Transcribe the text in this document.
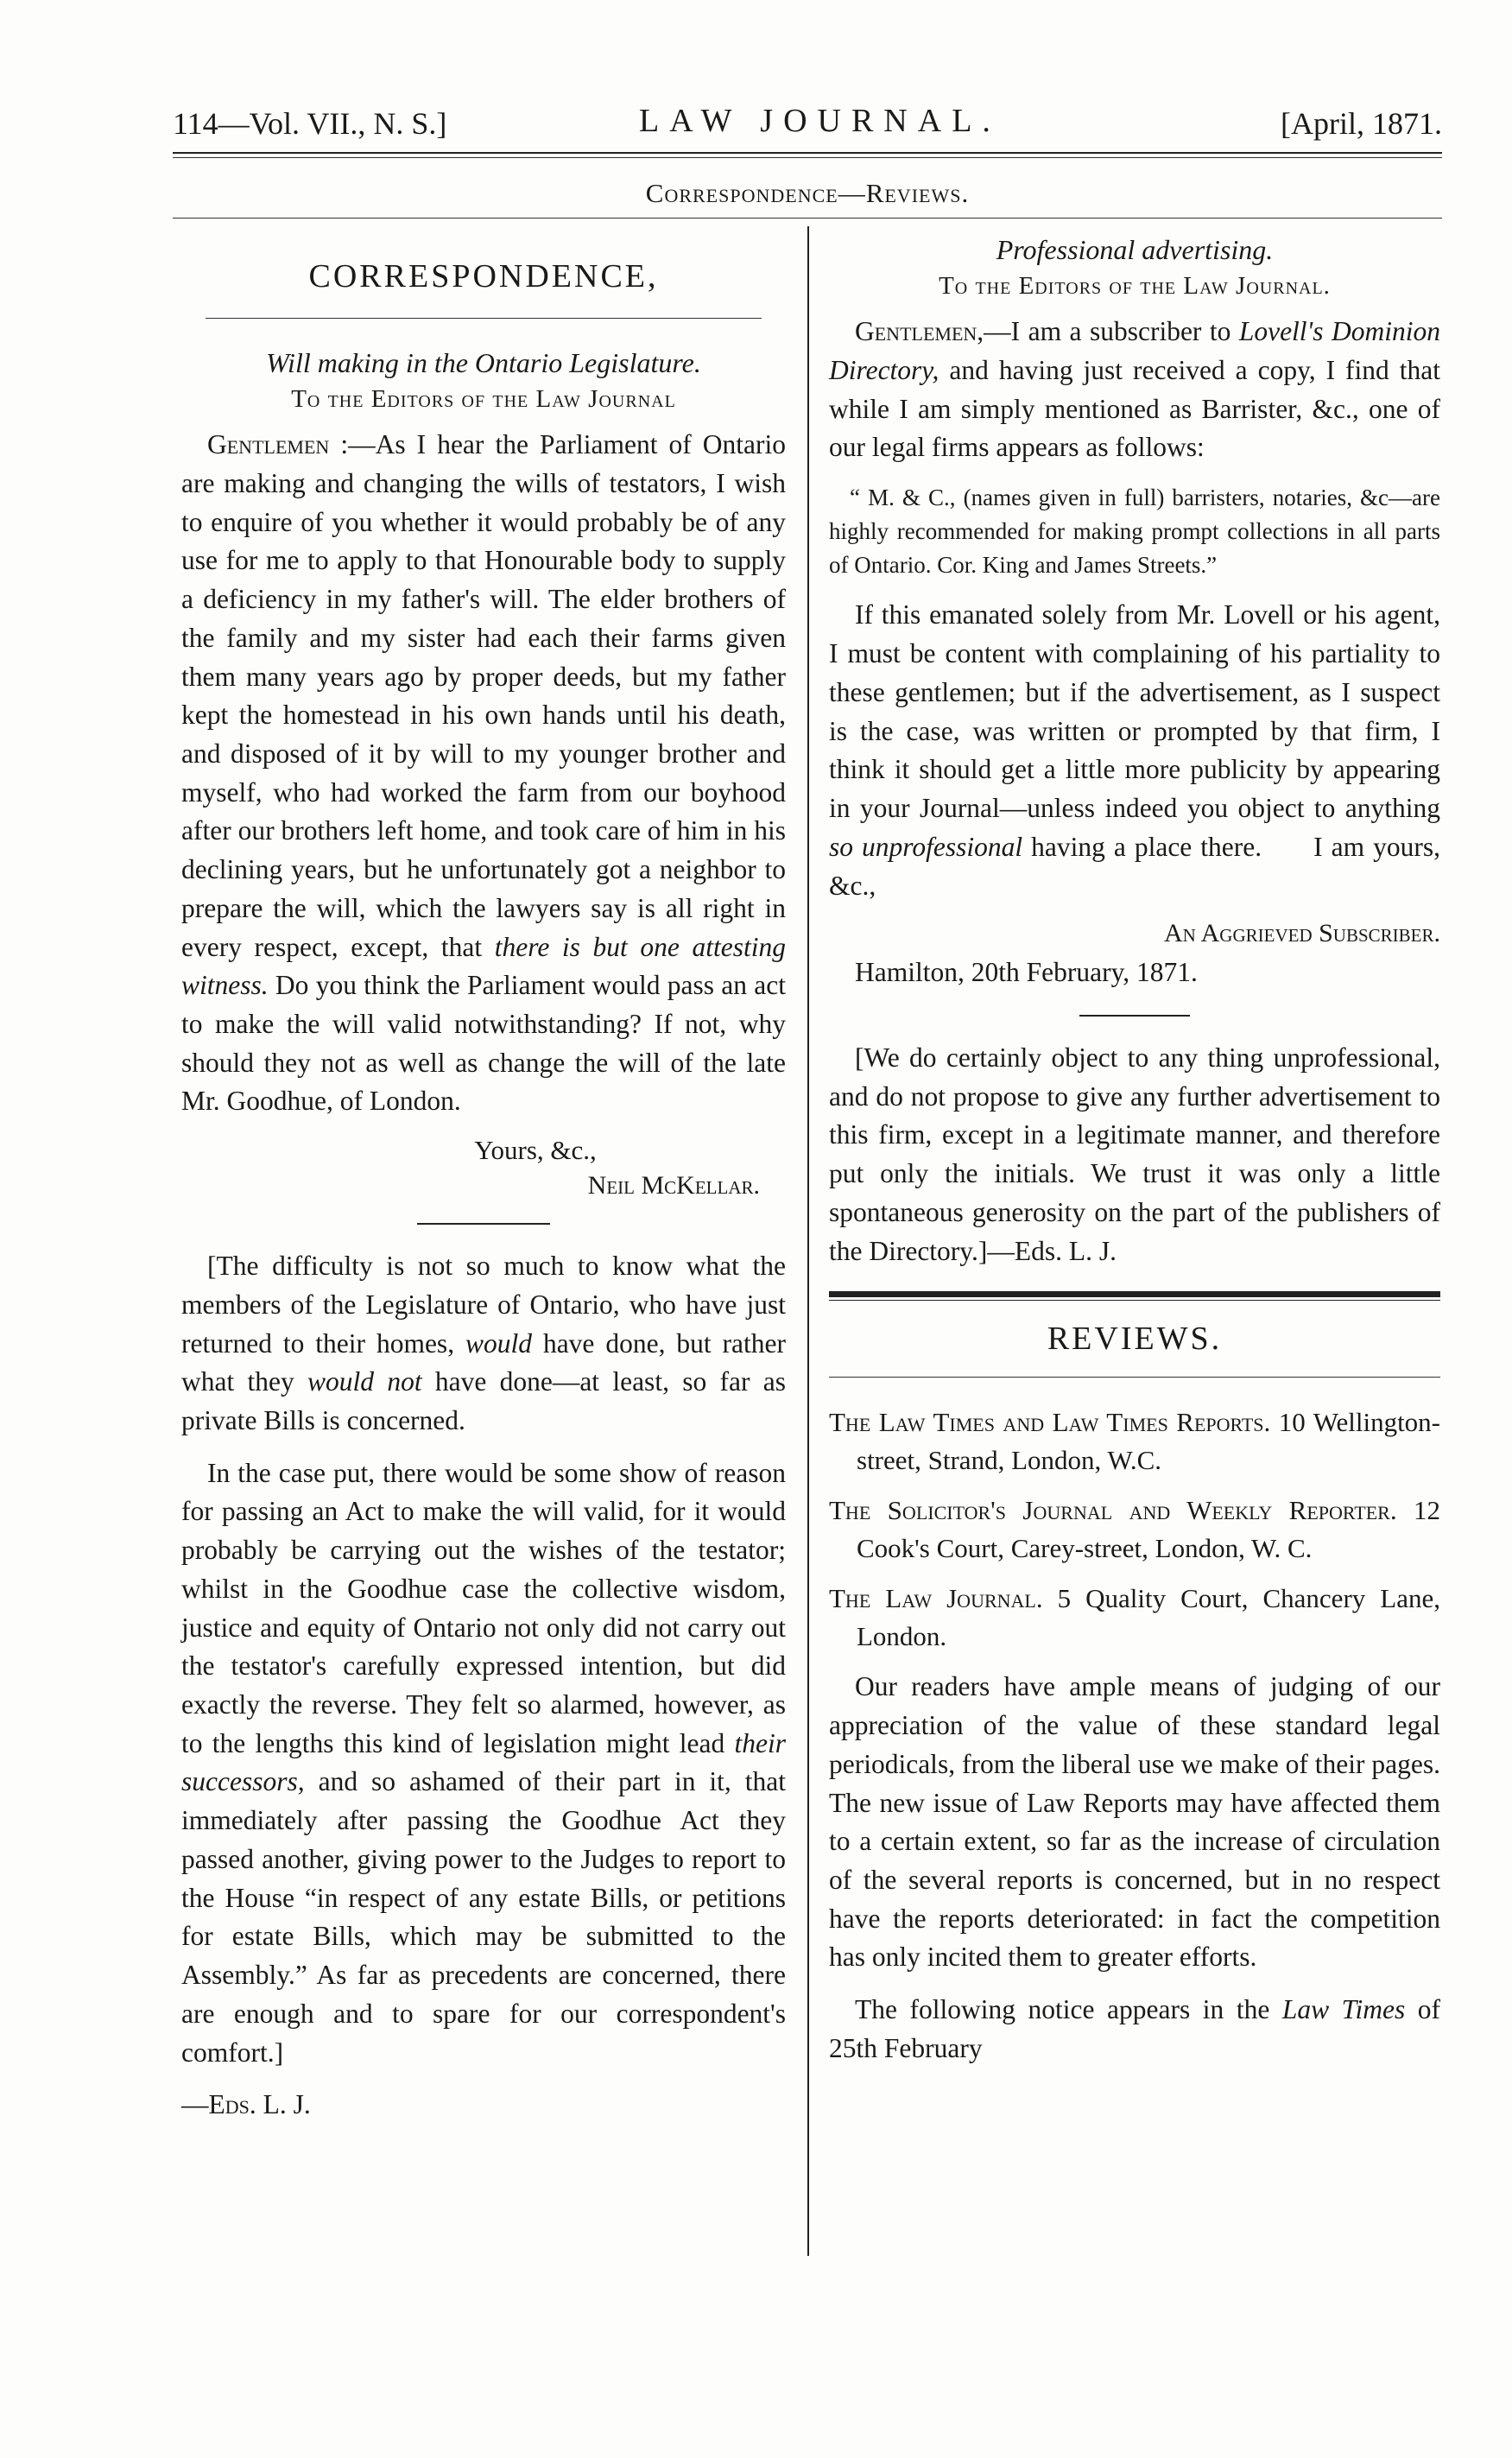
114—Vol. VII., N. S.]	LAW JOURNAL.	[April, 1871.
Correspondence—Reviews.
CORRESPONDENCE,
Will making in the Ontario Legislature.
To the Editors of the Law Journal

Gentlemen :—As I hear the Parliament of Ontario are making and changing the wills of testators, I wish to enquire of you whether it would probably be of any use for me to apply to that Honourable body to supply a deficiency in my father's will. The elder brothers of the family and my sister had each their farms given them many years ago by proper deeds, but my father kept the homestead in his own hands until his death, and disposed of it by will to my younger brother and myself, who had worked the farm from our boyhood after our brothers left home, and took care of him in his declining years, but he unfortunately got a neighbor to prepare the will, which the lawyers say is all right in every respect, except, that there is but one attesting witness. Do you think the Parliament would pass an act to make the will valid notwithstanding? If not, why should they not as well as change the will of the late Mr. Goodhue, of London.

Yours, &c.,
Neil McKellar.

[The difficulty is not so much to know what the members of the Legislature of Ontario, who have just returned to their homes, would have done, but rather what they would not have done—at least, so far as private Bills is concerned.

In the case put, there would be some show of reason for passing an Act to make the will valid, for it would probably be carrying out the wishes of the testator; whilst in the Goodhue case the collective wisdom, justice and equity of Ontario not only did not carry out the testator's carefully expressed intention, but did exactly the reverse. They felt so alarmed, however, as to the lengths this kind of legislation might lead their successors, and so ashamed of their part in it, that immediately after passing the Goodhue Act they passed another, giving power to the Judges to report to the House “in respect of any estate Bills, or petitions for estate Bills, which may be submitted to the Assembly.” As far as precedents are concerned, there are enough and to spare for our correspondent's comfort.]

—Eds. L. J.

Professional advertising.
To the Editors of the Law Journal.

Gentlemen,—I am a subscriber to Lovell's Dominion Directory, and having just received a copy, I find that while I am simply mentioned as Barrister, &c., one of our legal firms appears as follows:

“ M. & C., (names given in full) barristers, notaries, &c—are highly recommended for making prompt collections in all parts of Ontario. Cor. King and James Streets.”

If this emanated solely from Mr. Lovell or his agent, I must be content with complaining of his partiality to these gentlemen; but if the advertisement, as I suspect is the case, was written or prompted by that firm, I think it should get a little more publicity by appearing in your Journal—unless indeed you object to anything so unprofessional having a place there. I am yours, &c.,

An Aggrieved Subscriber.

Hamilton, 20th February, 1871.

[We do certainly object to any thing unprofessional, and do not propose to give any further advertisement to this firm, except in a legitimate manner, and therefore put only the initials. We trust it was only a little spontaneous generosity on the part of the publishers of the Directory.]—Eds. L. J.

REVIEWS.
The Law Times and Law Times Reports. 10 Wellington-street, Strand, London, W.C.
The Solicitor's Journal and Weekly Reporter. 12 Cook's Court, Carey-street, London, W. C.
The Law Journal. 5 Quality Court, Chancery Lane, London.

Our readers have ample means of judging of our appreciation of the value of these standard legal periodicals, from the liberal use we make of their pages. The new issue of Law Reports may have affected them to a certain extent, so far as the increase of circulation of the several reports is concerned, but in no respect have the reports deteriorated: in fact the competition has only incited them to greater efforts.

The following notice appears in the Law Times of 25th February
